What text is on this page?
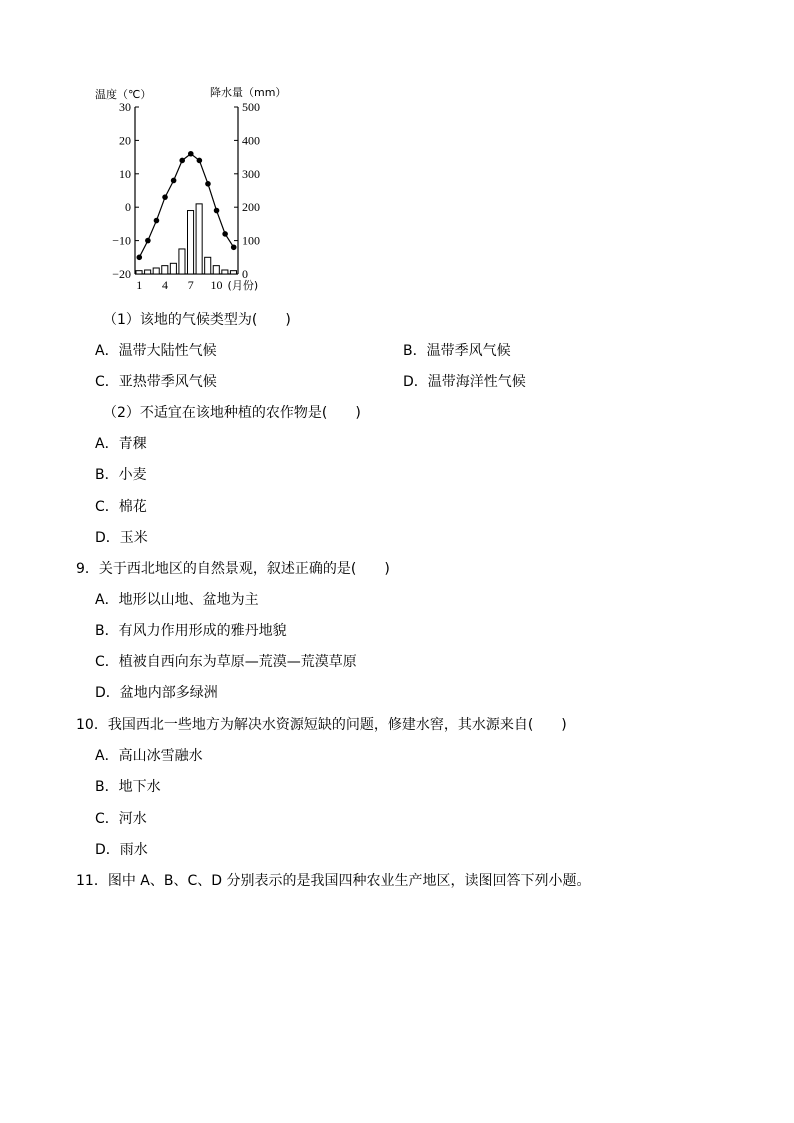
温度（℃）	降水量（mm）
30
20
10
0
−10
−20
500
400
300
200
100
0
1 4 7 10 (月份)
（1）该地的气候类型为(　　)
A．温带大陆性气候	B．温带季风气候
C．亚热带季风气候	D．温带海洋性气候
（2）不适宜在该地种植的农作物是(　　)
A．青稞
B．小麦
C．棉花
D．玉米
9．关于西北地区的自然景观，叙述正确的是(　　)
A．地形以山地、盆地为主
B．有风力作用形成的雅丹地貌
C．植被自西向东为草原—荒漠—荒漠草原
D．盆地内部多绿洲
10．我国西北一些地方为解决水资源短缺的问题，修建水窖，其水源来自(　　)
A．高山冰雪融水
B．地下水
C．河水
D．雨水
11．图中 A、B、C、D 分别表示的是我国四种农业生产地区，读图回答下列小题。
